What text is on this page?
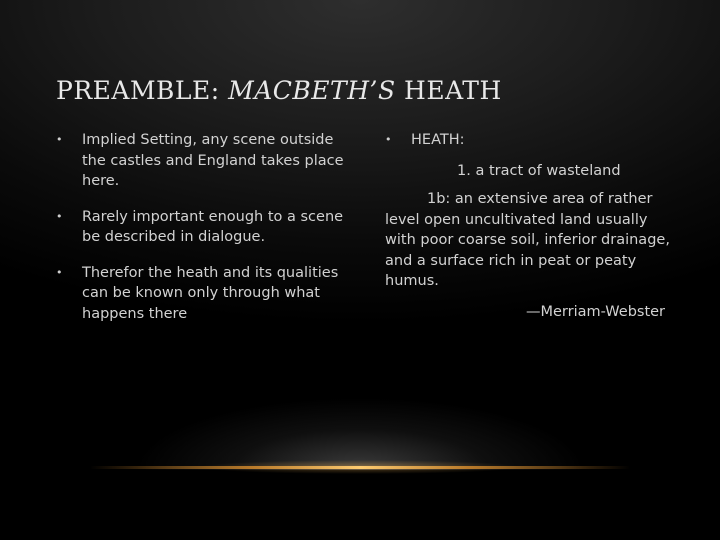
PREAMBLE: MACBETH’S HEATH
• Implied Setting, any scene outside the castles and England takes place here.
• Rarely important enough to a scene be described in dialogue.
• Therefor the heath and its qualities can be known only through what happens there
• HEATH:
1. a tract of wasteland
1b: an extensive area of rather level open uncultivated land usually with poor coarse soil, inferior drainage, and a surface rich in peat or peaty humus.
—Merriam-Webster
